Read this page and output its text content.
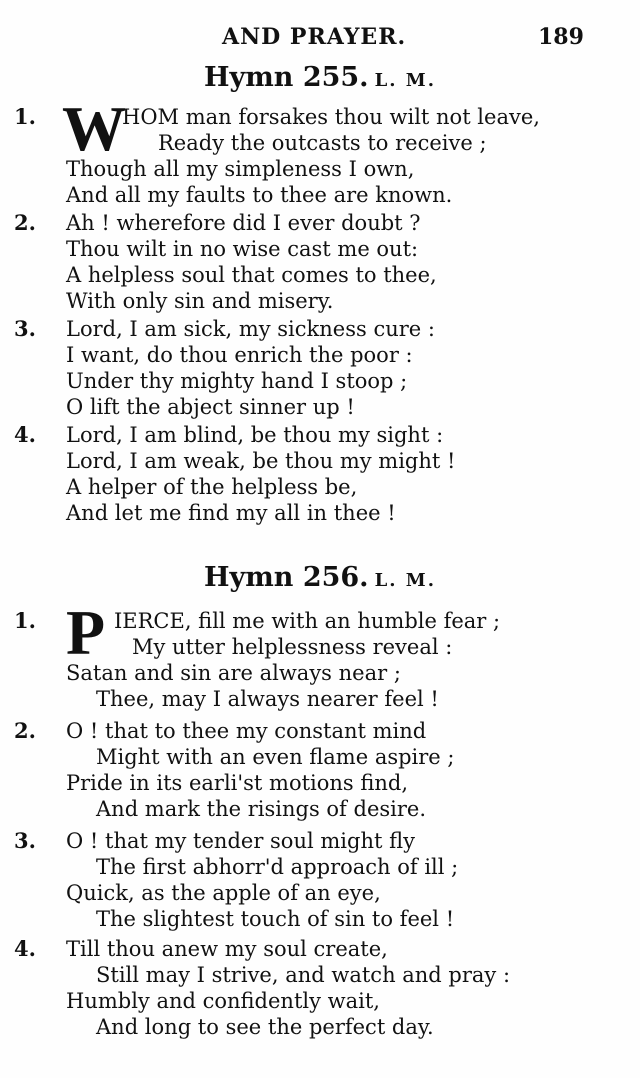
AND PRAYER.	189
Hymn 255. L. M.
1. W
HOM man forsakes thou wilt not leave,
Ready the outcasts to receive ;
Though all my simpleness I own,
And all my faults to thee are known.
2. Ah ! wherefore did I ever doubt ?
Thou wilt in no wise cast me out:
A helpless soul that comes to thee,
With only sin and misery.
3. Lord, I am sick, my sickness cure :
I want, do thou enrich the poor :
Under thy mighty hand I stoop ;
O lift the abject sinner up !
4. Lord, I am blind, be thou my sight :
Lord, I am weak, be thou my might !
A helper of the helpless be,
And let me find my all in thee !
Hymn 256. L. M.
1. P IERCE, fill me with an humble fear ;
My utter helplessness reveal :
Satan and sin are always near ;
Thee, may I always nearer feel !
2. O ! that to thee my constant mind
Might with an even flame aspire ;
Pride in its earli'st motions find,
And mark the risings of desire.
3. O ! that my tender soul might fly
The first abhorr'd approach of ill ;
Quick, as the apple of an eye,
The slightest touch of sin to feel !
4. Till thou anew my soul create,
Still may I strive, and watch and pray :
Humbly and confidently wait,
And long to see the perfect day.
